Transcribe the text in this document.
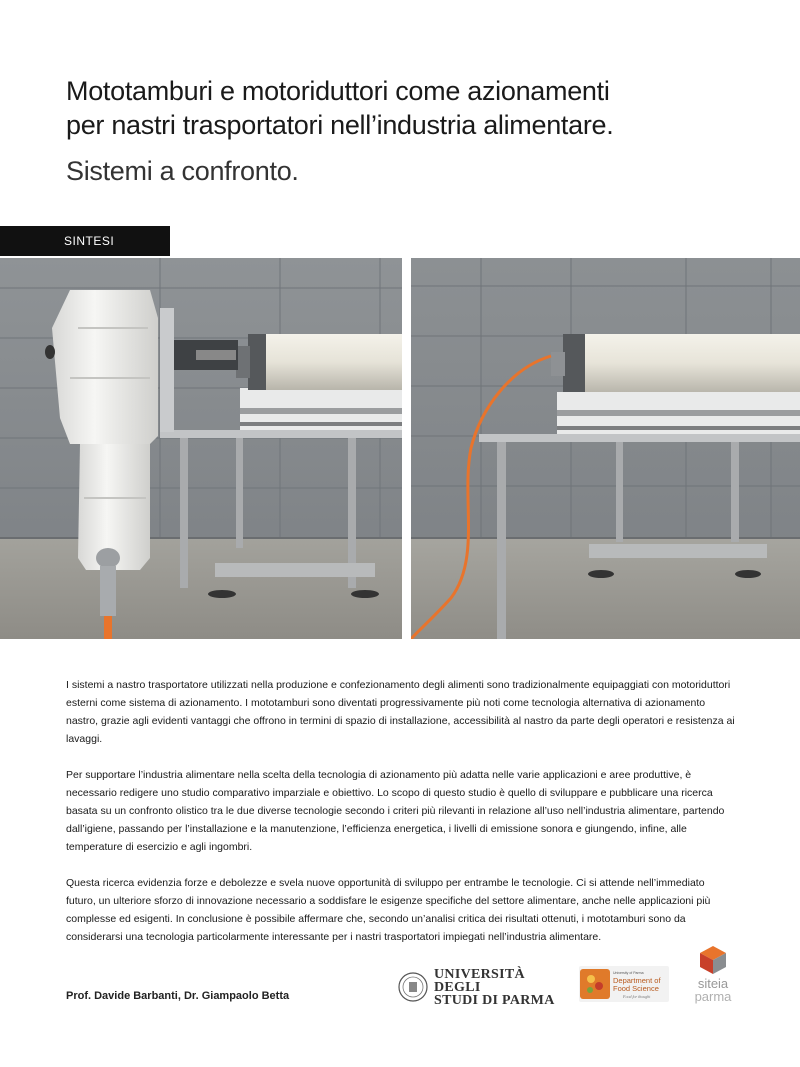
Mototamburi e motoriduttori come azionamenti
per nastri trasportatori nell’industria alimentare.
Sistemi a confronto.
SINTESI

I sistemi a nastro trasportatore utilizzati nella produzione e confezionamento degli alimenti sono tradizionalmente equipaggiati con motoriduttori esterni come sistema di azionamento. I mototamburi sono diventati progressivamente più noti come tecnologia alternativa di azionamento nastro, grazie agli evidenti vantaggi che offrono in termini di spazio di installazione, accessibilità al nastro da parte degli operatori e resistenza ai lavaggi.

Per supportare l’industria alimentare nella scelta della tecnologia di azionamento più adatta nelle varie applicazioni e aree produttive, è necessario redigere uno studio comparativo imparziale e obiettivo. Lo scopo di questo studio è quello di sviluppare e pubblicare una ricerca basata su un confronto olistico tra le due diverse tecnologie secondo i criteri più rilevanti in relazione all’uso nell’industria alimentare, partendo dall’igiene, passando per l’installazione e la manutenzione, l’efficienza energetica, i livelli di emissione sonora e giungendo, infine, alle temperature di esercizio e agli ingombri.

Questa ricerca evidenzia forze e debolezze e svela nuove opportunità di sviluppo per entrambe le tecnologie. Ci si attende nell’immediato futuro, un ulteriore sforzo di innovazione necessario a soddisfare le esigenze specifiche del settore alimentare, anche nelle applicazioni più complesse ed esigenti. In conclusione è possibile affermare che, secondo un’analisi critica dei risultati ottenuti, i mototamburi sono da considerarsi una tecnologia particolarmente interessante per i nastri trasportatori impiegati nell’industria alimentare.

Prof. Davide Barbanti, Dr. Giampaolo Betta
UNIVERSITÀ DEGLI
STUDI DI PARMA
University of Parma
Department of
Food Science
Food for thought
siteia
parma
